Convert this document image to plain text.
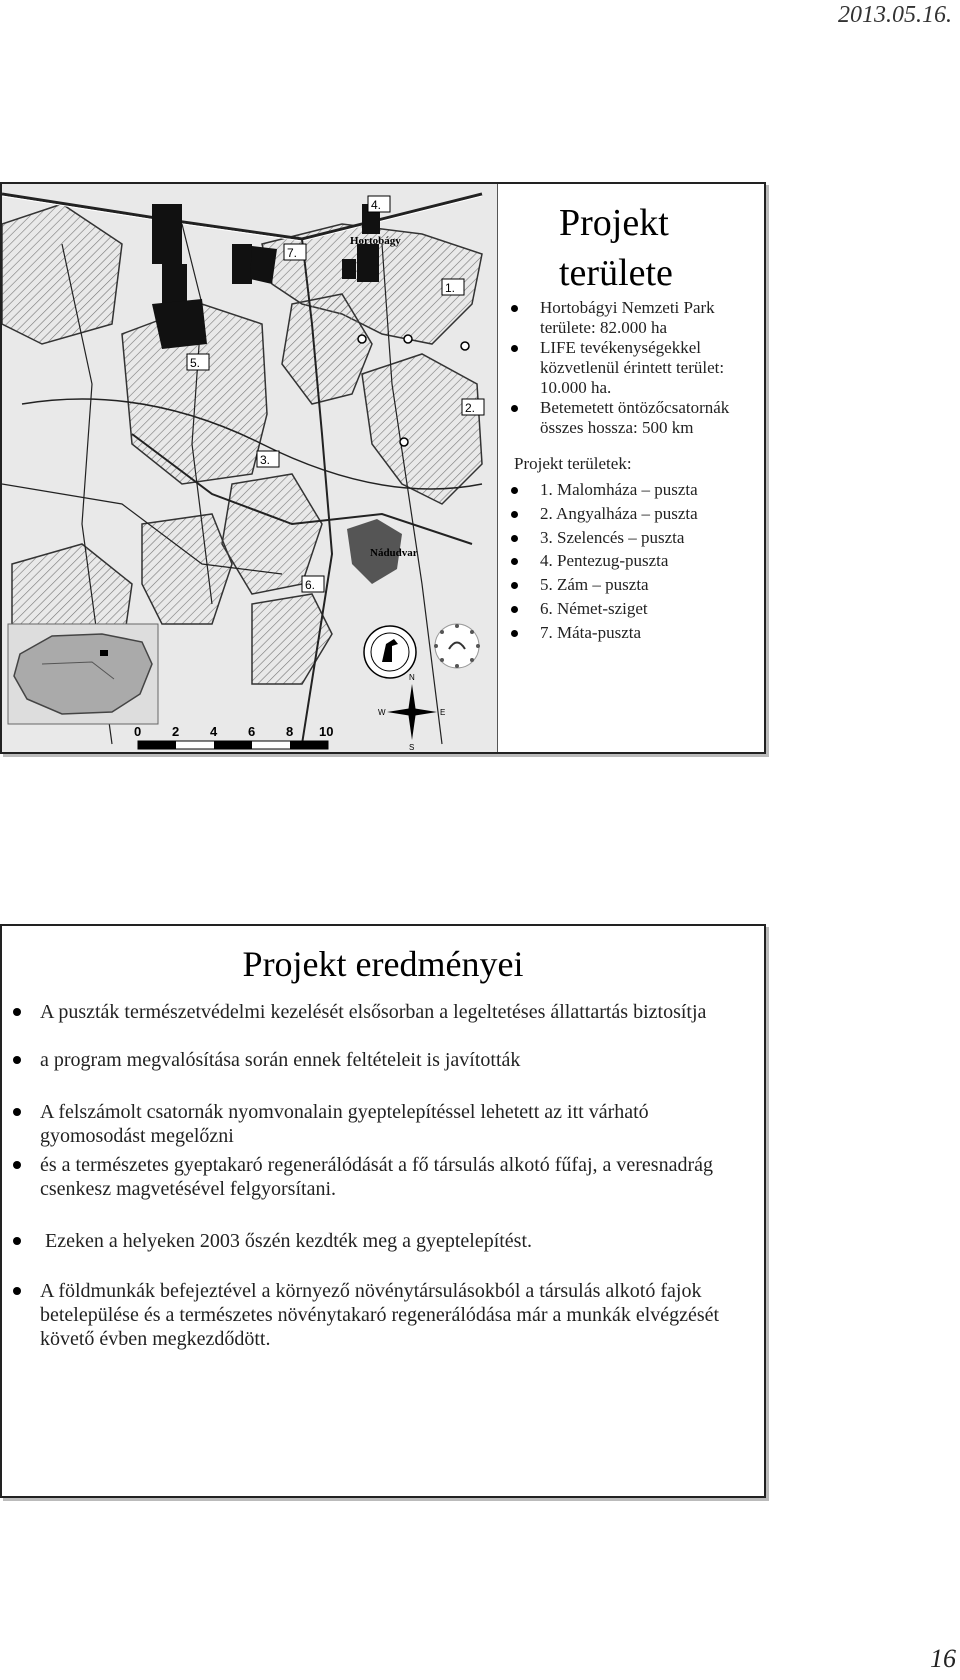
2013.05.16.
1.
2.
3.
4.
5.
6.
7.
Hortobágy
Nádudvar
N
E
W
S
0 2 4 6 8 10
Projekt
területe
Hortobágyi Nemzeti Park területe: 82.000 ha
LIFE tevékenységekkel közvetlenül érintett terület: 10.000 ha.
Betemetett öntözőcsatornák összes hossza: 500 km
Projekt területek:
1. Malomháza – puszta
2. Angyalháza – puszta
3. Szelencés – puszta
4. Pentezug-puszta
5. Zám – puszta
6. Német-sziget
7. Máta-puszta
Projekt eredményei
A puszták természetvédelmi kezelését elsősorban a legeltetéses állattartás biztosítja
a program megvalósítása során ennek feltételeit is javították
A felszámolt csatornák nyomvonalain gyeptelepítéssel lehetett az itt várható gyomosodást megelőzni
és a természetes gyeptakaró regenerálódását a fő társulás alkotó fűfaj, a veresnadrág csenkesz magvetésével felgyorsítani.
Ezeken a helyeken 2003 őszén kezdték meg a gyeptelepítést.
A földmunkák befejeztével a környező növénytársulásokból a társulás alkotó fajok betelepülése és a természetes növénytakaró regenerálódása már a munkák elvégzését követő évben megkezdődött.
16
